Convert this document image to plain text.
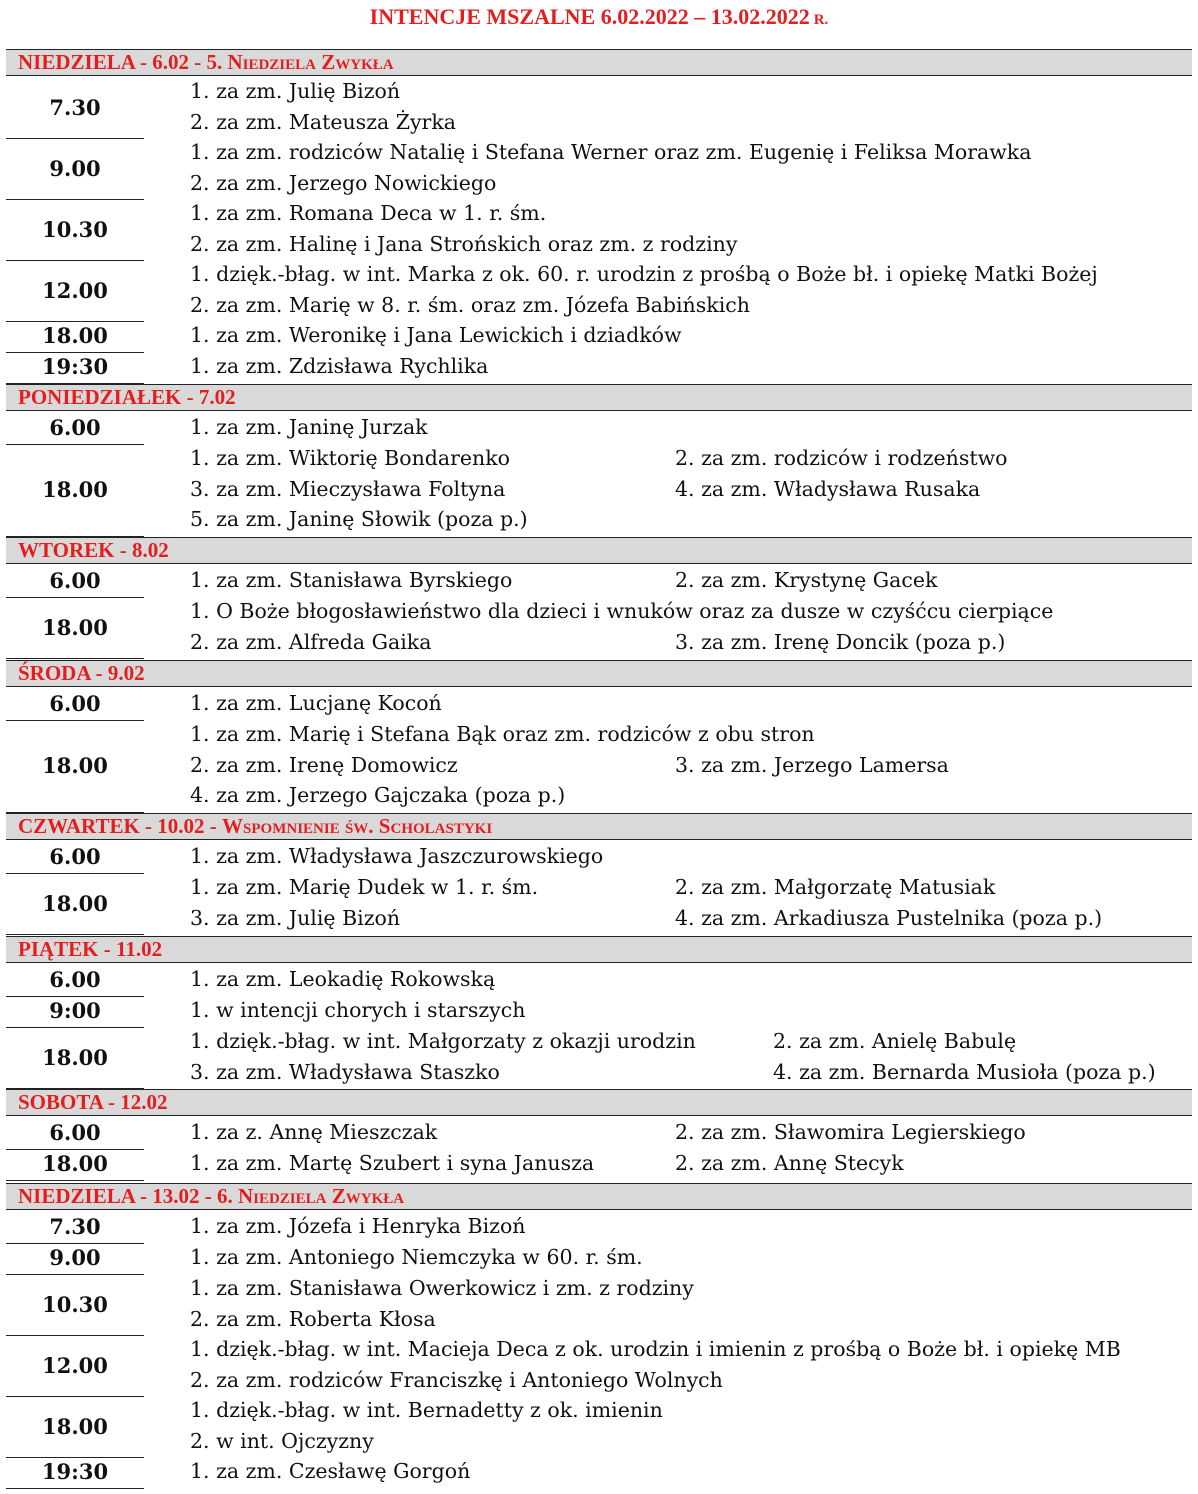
INTENCJE MSZALNE 6.02.2022 – 13.02.2022 R.
NIEDZIELA - 6.02 - 5. Niedziela Zwykła
7.30
1. za zm. Julię Bizoń
2. za zm. Mateusza Żyrka
9.00
1. za zm. rodziców Natalię i Stefana Werner oraz zm. Eugenię i Feliksa Morawka
2. za zm. Jerzego Nowickiego
10.30
1. za zm. Romana Deca w 1. r. śm.
2. za zm. Halinę i Jana Strońskich oraz zm. z rodziny
12.00
1. dzięk.-błag. w int. Marka z ok. 60. r. urodzin z prośbą o Boże bł. i opiekę Matki Bożej
2. za zm. Marię w 8. r. śm. oraz zm. Józefa Babińskich
18.00	1. za zm. Weronikę i Jana Lewickich i dziadków
19:30	1. za zm. Zdzisława Rychlika
PONIEDZIAŁEK - 7.02
6.00	1. za zm. Janinę Jurzak
18.00
1. za zm. Wiktorię Bondarenko	2. za zm. rodziców i rodzeństwo
3. za zm. Mieczysława Foltyna	4. za zm. Władysława Rusaka
5. za zm. Janinę Słowik (poza p.)
WTOREK - 8.02
6.00	1. za zm. Stanisława Byrskiego	2. za zm. Krystynę Gacek
18.00
1. O Boże błogosławieństwo dla dzieci i wnuków oraz za dusze w czyśćcu cierpiące
2. za zm. Alfreda Gaika	3. za zm. Irenę Doncik (poza p.)
ŚRODA - 9.02
6.00	1. za zm. Lucjanę Kocoń
18.00
1. za zm. Marię i Stefana Bąk oraz zm. rodziców z obu stron
2. za zm. Irenę Domowicz	3. za zm. Jerzego Lamersa
4. za zm. Jerzego Gajczaka (poza p.)
CZWARTEK - 10.02 - Wspomnienie św. Scholastyki
6.00	1. za zm. Władysława Jaszczurowskiego
18.00
1. za zm. Marię Dudek w 1. r. śm.	2. za zm. Małgorzatę Matusiak
3. za zm. Julię Bizoń	4. za zm. Arkadiusza Pustelnika (poza p.)
PIĄTEK - 11.02
6.00	1. za zm. Leokadię Rokowską
9:00	1. w intencji chorych i starszych
18.00
1. dzięk.-błag. w int. Małgorzaty z okazji urodzin	2. za zm. Anielę Babulę
3. za zm. Władysława Staszko	4. za zm. Bernarda Musioła (poza p.)
SOBOTA - 12.02
6.00	1. za z. Annę Mieszczak	2. za zm. Sławomira Legierskiego
18.00	1. za zm. Martę Szubert i syna Janusza	2. za zm. Annę Stecyk
NIEDZIELA - 13.02 - 6. Niedziela Zwykła
7.30	1. za zm. Józefa i Henryka Bizoń
9.00	1. za zm. Antoniego Niemczyka w 60. r. śm.
10.30
1. za zm. Stanisława Owerkowicz i zm. z rodziny
2. za zm. Roberta Kłosa
12.00
1. dzięk.-błag. w int. Macieja Deca z ok. urodzin i imienin z prośbą o Boże bł. i opiekę MB
2. za zm. rodziców Franciszkę i Antoniego Wolnych
18.00
1. dzięk.-błag. w int. Bernadetty z ok. imienin
2. w int. Ojczyzny
19:30	1. za zm. Czesławę Gorgoń
